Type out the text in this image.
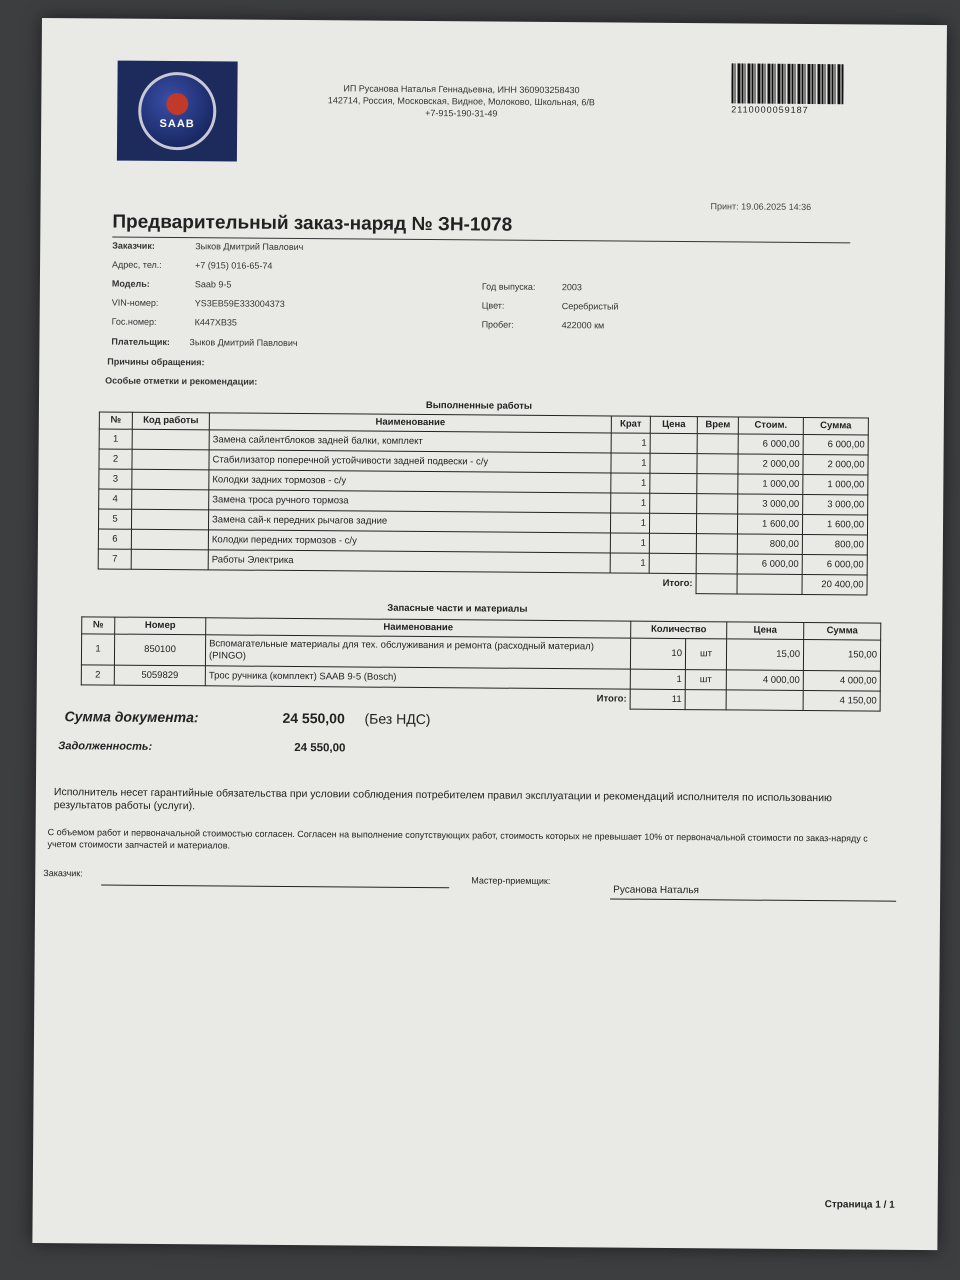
SAAB
ИП Русанова Наталья Геннадьевна, ИНН 360903258430
142714, Россия, Московская, Видное, Молоково, Школьная, 6/В
+7-915-190-31-49	2110000059187
Принт: 19.06.2025 14:36
Предварительный заказ-наряд № ЗН-1078
Заказчик:	Зыков Дмитрий Павлович
Адрес, тел.:	+7 (915) 016-65-74
Модель:	Saab 9-5
VIN-номер:	YS3EB59E333004373
Гос.номер:	К447ХВ35
Плательщик: Зыков Дмитрий Павлович
Год выпуска:	2003
Цвет:	Серебристый
Пробег:	422000 км
Причины обращения:
Особые отметки и рекомендации:
Выполненные работы
№	Код работы	Наименование	Крат	Цена	Врем	Стоим.	Сумма
1		Замена сайлентблоков задней балки, комплект	1			6 000,00	6 000,00
2		Стабилизатор поперечной устойчивости задней подвески - с/у	1			2 000,00	2 000,00
3		Колодки задних тормозов - с/у	1			1 000,00	1 000,00
4		Замена троса ручного тормоза	1			3 000,00	3 000,00
5		Замена сай-к передних рычагов задние	1			1 600,00	1 600,00
6		Колодки передних тормозов - с/у	1			800,00	800,00
7		Работы Электрика	1			6 000,00	6 000,00
				Итого:			20 400,00
Запасные части и материалы
№	Номер	Наименование	Количество		Цена	Сумма
1	850100	Вспомагательные материалы для тех. обслуживания и ремонта (расходный материал) (PINGO)	10	шт	15,00	150,00
2	5059829	Трос ручника (комплект) SAAB 9-5 (Bosch)	1	шт	4 000,00	4 000,00
		Итого:	11			4 150,00
Сумма документа:	24 550,00 (Без НДС)
Задолженность:	24 550,00
Исполнитель несет гарантийные обязательства при условии соблюдения потребителем правил эксплуатации и рекомендаций исполнителя по использованию результатов работы (услуги).
С объемом работ и первоначальной стоимостью согласен. Согласен на выполнение сопутствующих работ, стоимость которых не превышает 10% от первоначальной стоимости по заказ-наряду с учетом стоимости запчастей и материалов.
Заказчик:
Мастер-приемщик:
Русанова Наталья
Страница 1 / 1
